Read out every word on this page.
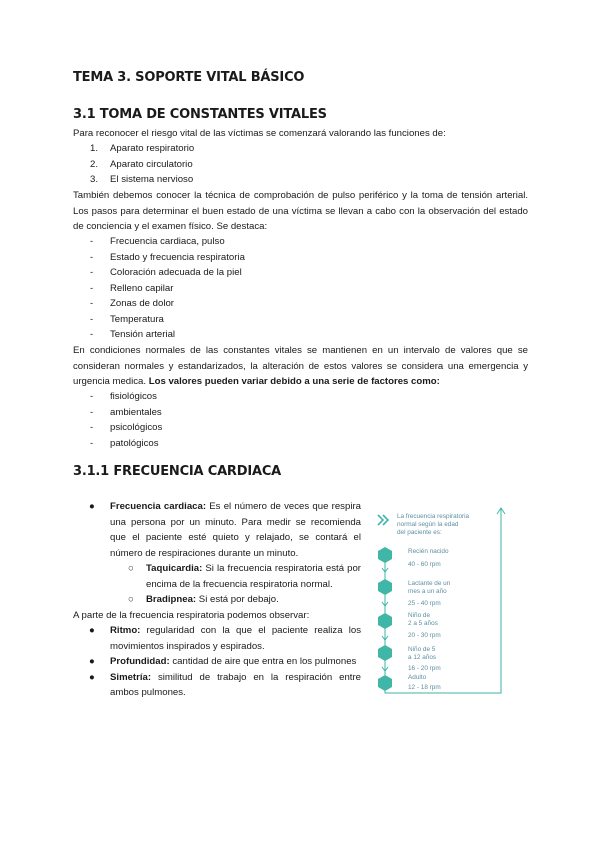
TEMA 3. SOPORTE VITAL BÁSICO
3.1 TOMA DE CONSTANTES VITALES
Para reconocer el riesgo vital de las víctimas se comenzará valorando las funciones de:
1. Aparato respiratorio
2. Aparato circulatorio
3. El sistema nervioso
También debemos conocer la técnica de comprobación de pulso periférico y la toma de tensión arterial. Los pasos para determinar el buen estado de una víctima se llevan a cabo con la observación del estado de conciencia y el examen físico. Se destaca:
- Frecuencia cardiaca, pulso
- Estado y frecuencia respiratoria
- Coloración adecuada de la piel
- Relleno capilar
- Zonas de dolor
- Temperatura
- Tensión arterial
En condiciones normales de las constantes vitales se mantienen en un intervalo de valores que se consideran normales y estandarizados, la alteración de estos valores se considera una emergencia y urgencia medica. Los valores pueden variar debido a una serie de factores como:
- fisiológicos
- ambientales
- psicológicos
- patológicos
3.1.1 FRECUENCIA CARDIACA
● Frecuencia cardiaca: Es el número de veces que respira una persona por un minuto. Para medir se recomienda que el paciente esté quieto y relajado, se contará el número de respiraciones durante un minuto.
○ Taquicardia: Si la frecuencia respiratoria está por encima de la frecuencia respiratoria normal.
○ Bradipnea: Si está por debajo.
A parte de la frecuencia respiratoria podemos observar:
● Ritmo: regularidad con la que el paciente realiza los movimientos inspirados y espirados.
● Profundidad: cantidad de aire que entra en los pulmones
● Simetría: similitud de trabajo en la respiración entre ambos pulmones.
La frecuencia respiratoria
normal según la edad
del paciente es:
Recién nacido
40 - 60 rpm
Lactante de un
mes a un año
25 - 40 rpm
Niño de
2 a 5 años
20 - 30 rpm
Niño de 5
a 12 años
16 - 20 rpm
Adulto
12 - 18 rpm
